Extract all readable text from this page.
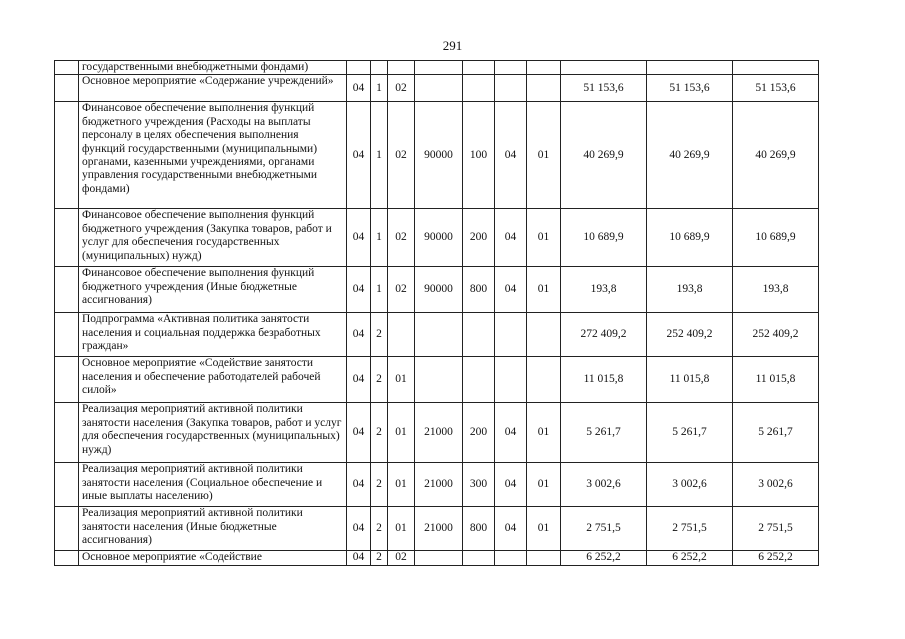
291
	государственными внебюджетными фондами)										
	Основное мероприятие «Содержание учреждений»	04	1	02					51 153,6	51 153,6	51 153,6
	Финансовое обеспечение выполнения функций бюджетного учреждения (Расходы на выплаты персоналу в целях обеспечения выполнения функций государственными (муниципальными) органами, казенными учреждениями, органами управления государственными внебюджетными фондами)	04	1	02	90000	100	04	01	40 269,9	40 269,9	40 269,9
	Финансовое обеспечение выполнения функций бюджетного учреждения (Закупка товаров, работ и услуг для обеспечения государственных (муниципальных) нужд)	04	1	02	90000	200	04	01	10 689,9	10 689,9	10 689,9
	Финансовое обеспечение выполнения функций бюджетного учреждения (Иные бюджетные ассигнования)	04	1	02	90000	800	04	01	193,8	193,8	193,8
	Подпрограмма «Активная политика занятости населения и социальная поддержка безработных граждан»	04	2						272 409,2	252 409,2	252 409,2
	Основное мероприятие «Содействие занятости населения и обеспечение работодателей рабочей силой»	04	2	01					11 015,8	11 015,8	11 015,8
	Реализация мероприятий активной политики занятости населения (Закупка товаров, работ и услуг для обеспечения государственных (муниципальных) нужд)	04	2	01	21000	200	04	01	5 261,7	5 261,7	5 261,7
	Реализация мероприятий активной политики занятости населения (Социальное обеспечение и иные выплаты населению)	04	2	01	21000	300	04	01	3 002,6	3 002,6	3 002,6
	Реализация мероприятий активной политики занятости населения (Иные бюджетные ассигнования)	04	2	01	21000	800	04	01	2 751,5	2 751,5	2 751,5
	Основное мероприятие «Содействие	04	2	02					6 252,2	6 252,2	6 252,2
